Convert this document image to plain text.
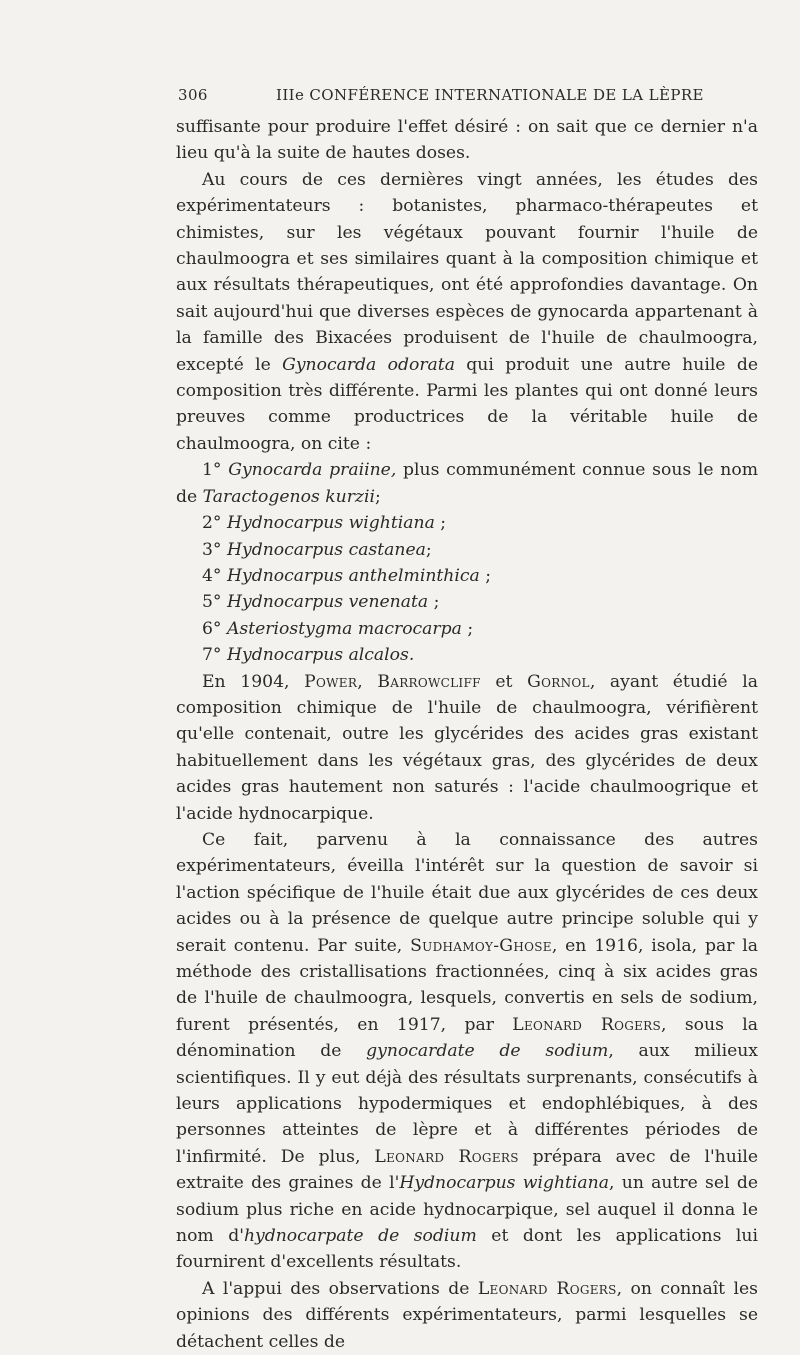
306	IIIe CONFÉRENCE INTERNATIONALE DE LA LÈPRE

suffisante pour produire l'effet désiré : on sait que ce dernier n'a lieu qu'à la suite de hautes doses.

Au cours de ces dernières vingt années, les études des expérimentateurs : botanistes, pharmaco-thérapeutes et chimistes, sur les végétaux pouvant fournir l'huile de chaulmoogra et ses similaires quant à la composition chimique et aux résultats thérapeutiques, ont été approfondies davantage. On sait aujourd'hui que diverses espèces de gynocarda appartenant à la famille des Bixacées produisent de l'huile de chaulmoogra, excepté le Gynocarda odorata qui produit une autre huile de composition très différente. Parmi les plantes qui ont donné leurs preuves comme productrices de la véritable huile de chaulmoogra, on cite :

1° Gynocarda praiine, plus communément connue sous le nom de Taractogenos kurzii;

2° Hydnocarpus wightiana ;

3° Hydnocarpus castanea;

4° Hydnocarpus anthelminthica ;

5° Hydnocarpus venenata ;

6° Asteriostygma macrocarpa ;

7° Hydnocarpus alcalos.

En 1904, Power, Barrowcliff et Gornol, ayant étudié la composition chimique de l'huile de chaulmoogra, vérifièrent qu'elle contenait, outre les glycérides des acides gras existant habituellement dans les végétaux gras, des glycérides de deux acides gras hautement non saturés : l'acide chaulmoogrique et l'acide hydnocarpique.

Ce fait, parvenu à la connaissance des autres expérimentateurs, éveilla l'intérêt sur la question de savoir si l'action spécifique de l'huile était due aux glycérides de ces deux acides ou à la présence de quelque autre principe soluble qui y serait contenu. Par suite, Sudhamoy-Ghose, en 1916, isola, par la méthode des cristallisations fractionnées, cinq à six acides gras de l'huile de chaulmoogra, lesquels, convertis en sels de sodium, furent présentés, en 1917, par Leonard Rogers, sous la dénomination de gynocardate de sodium, aux milieux scientifiques. Il y eut déjà des résultats surprenants, consécutifs à leurs applications hypodermiques et endophlébiques, à des personnes atteintes de lèpre et à différentes périodes de l'infirmité. De plus, Leonard Rogers prépara avec de l'huile extraite des graines de l'Hydnocarpus wightiana, un autre sel de sodium plus riche en acide hydnocarpique, sel auquel il donna le nom d'hydnocarpate de sodium et dont les applications lui fournirent d'excellents résultats.

A l'appui des observations de Leonard Rogers, on connaît les opinions des différents expérimentateurs, parmi lesquelles se détachent celles de
